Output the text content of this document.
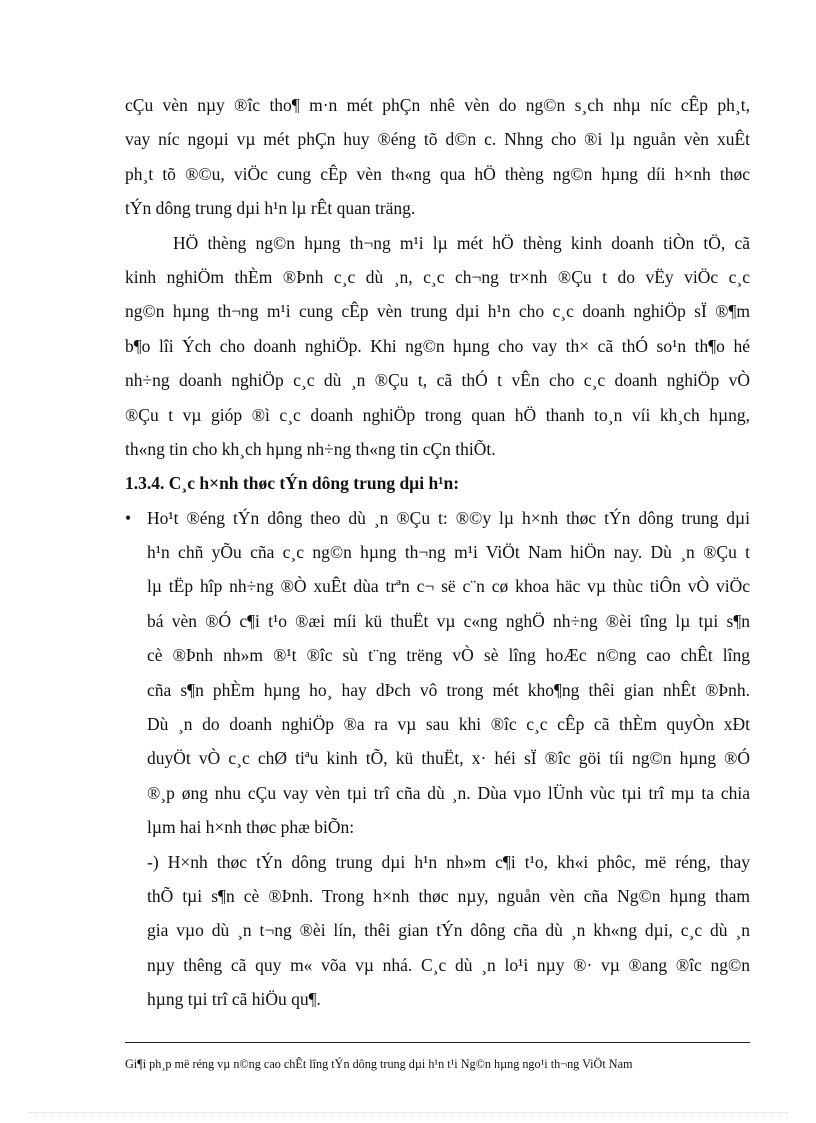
cÇu vèn nµy ®îc tho¶ m·n mét phÇn nhê vèn do ng©n s¸ch nhµ níc cÊp ph¸t,
vay níc ngoµi vµ mét phÇn huy ®éng tõ d©n c. Nhng cho ®i lµ nguån vèn xuÊt
ph¸t tõ ®©u, viÖc cung cÊp vèn th«ng qua hÖ thèng ng©n hµng díi h×nh thøc
tÝn dông trung dµi h¹n lµ rÊt quan träng.
HÖ thèng ng©n hµng th¬ng m¹i lµ mét hÖ thèng kinh doanh tiÒn tÖ, cã
kinh nghiÖm thÈm ®Þnh c¸c dù ¸n, c¸c ch¬ng tr×nh ®Çu t do vËy viÖc c¸c
ng©n hµng th¬ng m¹i cung cÊp vèn trung dµi h¹n cho c¸c doanh nghiÖp sÏ ®¶m
b¶o lîi Ých cho doanh nghiÖp. Khi ng©n hµng cho vay th× cã thÓ so¹n th¶o hé
nh÷ng doanh nghiÖp c¸c dù ¸n ®Çu t, cã thÓ t vÊn cho c¸c doanh nghiÖp vÒ
®Çu t vµ gióp ®ì c¸c doanh nghiÖp trong quan hÖ thanh to¸n víi kh¸ch hµng,
th«ng tin cho kh¸ch hµng nh÷ng th«ng tin cÇn thiÕt.
1.3.4. C¸c h×nh thøc tÝn dông trung dµi h¹n:
• Ho¹t ®éng tÝn dông theo dù ¸n ®Çu t: ®©y lµ h×nh thøc tÝn dông trung dµi
h¹n chñ yÕu cña c¸c ng©n hµng th¬ng m¹i ViÖt Nam hiÖn nay. Dù ¸n ®Çu t
lµ tËp hîp nh÷ng ®Ò xuÊt dùa trªn c¬ së c¨n cø khoa häc vµ thùc tiÔn vÒ viÖc
bá vèn ®Ó c¶i t¹o ®æi míi kü thuËt vµ c«ng nghÖ nh÷ng ®èi tîng lµ tµi s¶n
cè ®Þnh nh»m ®¹t ®îc sù t¨ng trëng vÒ sè lîng hoÆc n©ng cao chÊt lîng
cña s¶n phÈm hµng ho¸ hay dÞch vô trong mét kho¶ng thêi gian nhÊt ®Þnh.
Dù ¸n do doanh nghiÖp ®a ra vµ sau khi ®îc c¸c cÊp cã thÈm quyÒn xÐt
duyÖt vÒ c¸c chØ tiªu kinh tÕ, kü thuËt, x· héi sÏ ®îc göi tíi ng©n hµng ®Ó
®¸p øng nhu cÇu vay vèn tµi trî cña dù ¸n. Dùa vµo lÜnh vùc tµi trî mµ ta chia
lµm hai h×nh thøc phæ biÕn:
-) H×nh thøc tÝn dông trung dµi h¹n nh»m c¶i t¹o, kh«i phôc, më réng, thay
thÕ tµi s¶n cè ®Þnh. Trong h×nh thøc nµy, nguån vèn cña Ng©n hµng tham
gia vµo dù ¸n t¬ng ®èi lín, thêi gian tÝn dông cña dù ¸n kh«ng dµi, c¸c dù ¸n
nµy thêng cã quy m« võa vµ nhá. C¸c dù ¸n lo¹i nµy ®· vµ ®ang ®îc ng©n
hµng tµi trî cã hiÖu qu¶.
Gi¶i ph¸p më réng vµ n©ng cao chÊt lîng tÝn dông trung dµi h¹n t¹i Ng©n hµng ngo¹i th¬ng ViÖt Nam
